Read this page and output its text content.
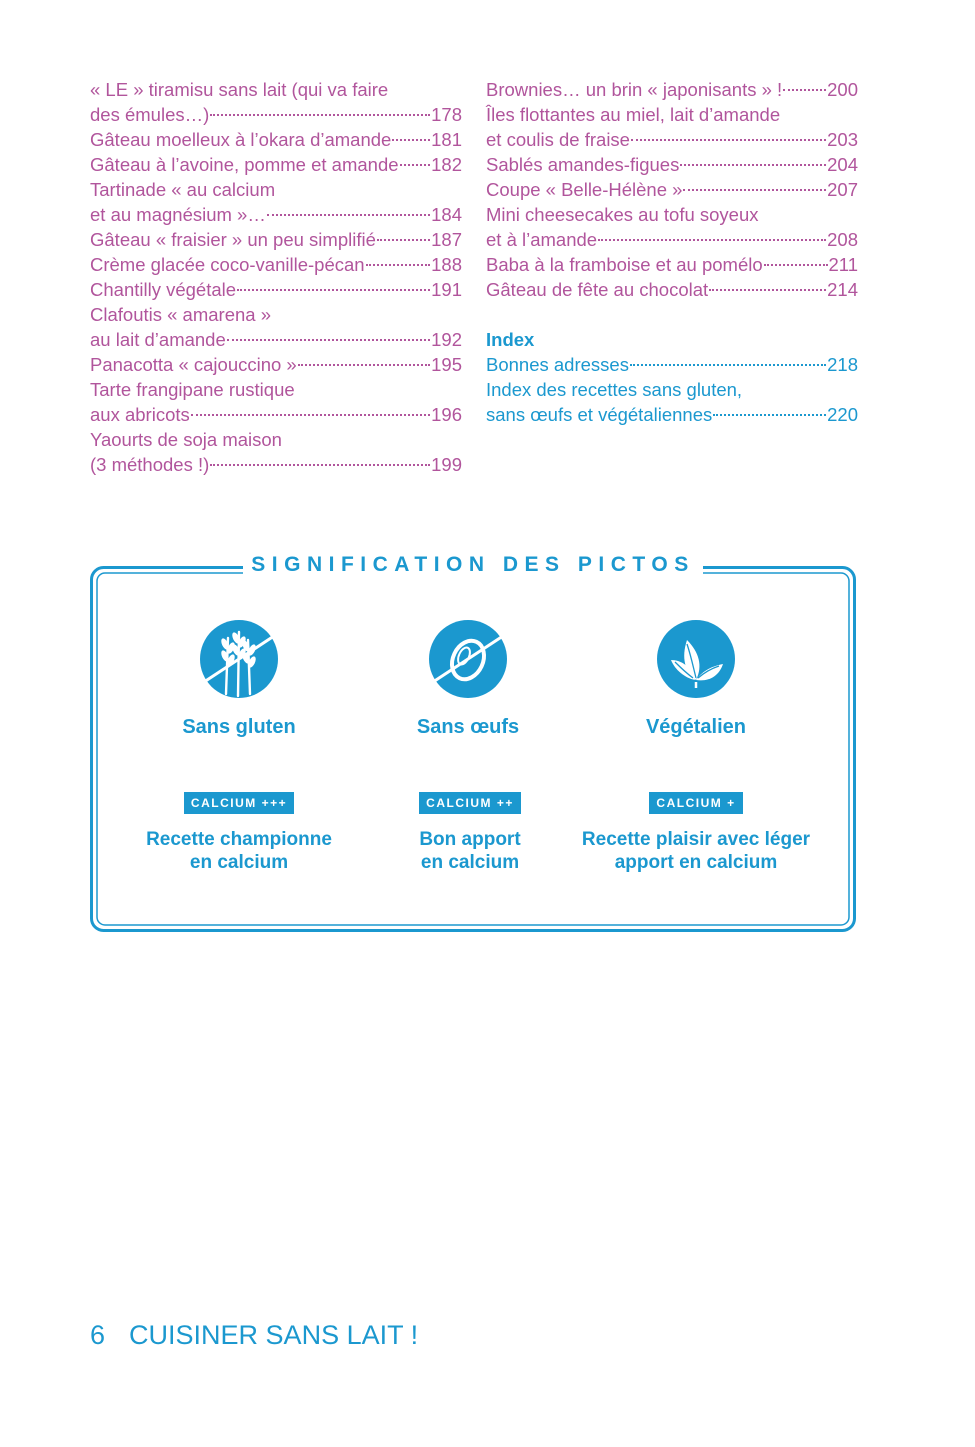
« LE » tiramisu sans lait (qui va faire
des émules…)	178
Gâteau moelleux à l’okara d’amande 181
Gâteau à l’avoine, pomme et amande 182
Tartinade « au calcium
et au magnésium »…	184
Gâteau « fraisier » un peu simplifié	187
Crème glacée coco-vanille-pécan	188
Chantilly végétale	191
Clafoutis « amarena »
au lait d’amande	192
Panacotta « cajouccino »	195
Tarte frangipane rustique
aux abricots	196
Yaourts de soja maison
(3 méthodes !)	199
Brownies… un brin « japonisants » ! 200
Îles flottantes au miel, lait d’amande
et coulis de fraise	203
Sablés amandes-figues	204
Coupe « Belle-Hélène »	207
Mini cheesecakes au tofu soyeux
et à l’amande	208
Baba à la framboise et au pomélo	211
Gâteau de fête au chocolat	214
Index
Bonnes adresses	218
Index des recettes sans gluten,
sans œufs et végétaliennes	220
SIGNIFICATION DES PICTOS
Sans gluten	Sans œufs	Végétalien
CALCIUM +++
Recette championne
en calcium
CALCIUM ++
Bon apport
en calcium
CALCIUM +
Recette plaisir avec léger
apport en calcium
6 CUISINER SANS LAIT !
